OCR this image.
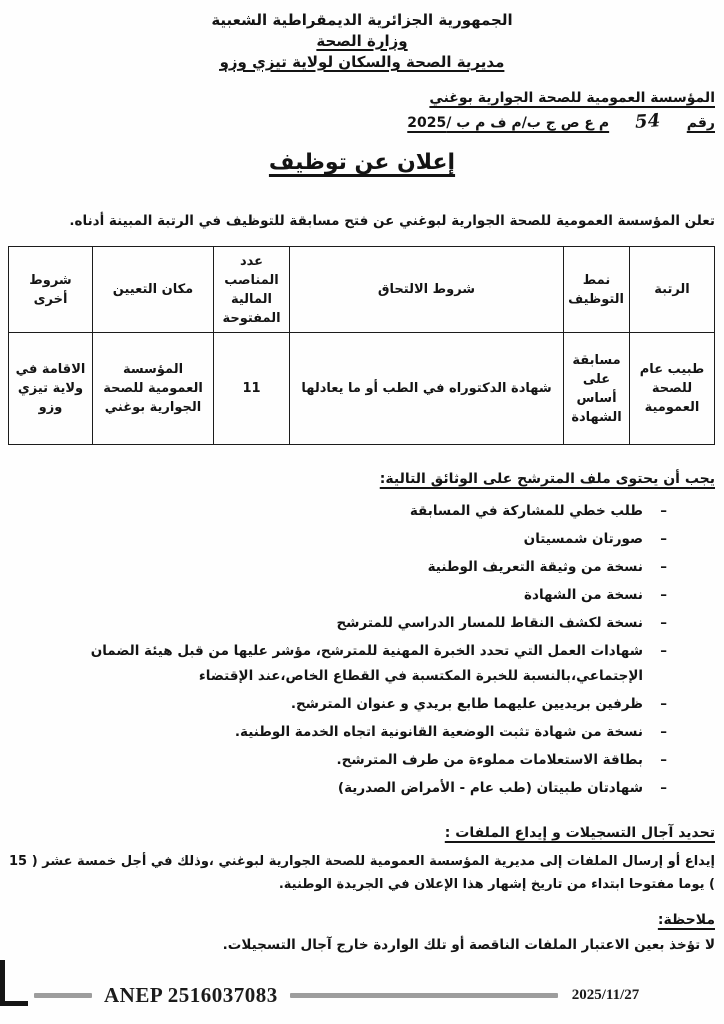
الجمهورية الجزائرية الديمقراطية الشعبية
وزارة الصحة
مديرية الصحة والسكان لولاية تيزي وزو
المؤسسة العمومية للصحة الجوارية بوغني
رقم54م ع ص ج ب/م ف م ب /2025
إعلان عن توظيف
تعلن المؤسسة العمومية للصحة الجوارية لبوغني عن فتح مسابقة للتوظيف في الرتبة المبينة أدناه.
الرتبة	نمط التوظيف	شروط الالتحاق	عدد المناصب المالية المفتوحة	مكان التعيين	شروط أخرى
طبيب عام للصحة العمومية	مسابقة على أساس الشهادة	شهادة الدكتوراه في الطب أو ما يعادلها	11	المؤسسة العمومية للصحة الجوارية بوغني	الاقامة في ولاية تيزي وزو
يجب أن يحتوى ملف المترشح على الوثائق التالية:
– طلب خطي للمشاركة في المسابقة
– صورتان شمسيتان
– نسخة من وثيقة التعريف الوطنية
– نسخة من الشهادة
– نسخة لكشف النقاط للمسار الدراسي للمترشح
– شهادات العمل التي تحدد الخبرة المهنية للمترشح، مؤشر عليها من قبل هيئة الضمان الإجتماعي،بالنسبة للخبرة المكتسبة في القطاع الخاص،عند الإقتضاء
– ظرفين بريديين عليهما طابع بريدي و عنوان المترشح.
– نسخة من شهادة تثبت الوضعية القانونية اتجاه الخدمة الوطنية.
– بطاقة الاستعلامات مملوءة من طرف المترشح.
– شهادتان طبيتان (طب عام - الأمراض الصدرية)
تحديد آجال التسجيلات و إيداع الملفات :
إيداع أو إرسال الملفات إلى مديرية المؤسسة العمومية للصحة الجوارية لبوغني ،وذلك في أجل خمسة عشر ( 15 ) يوما مفتوحا ابتداء من تاريخ إشهار هذا الإعلان في الجريدة الوطنية.
ملاحظة:
لا تؤخذ بعين الاعتبار الملفات الناقصة أو تلك الواردة خارج آجال التسجيلات.
ANEP 2516037083	2025/11/27
